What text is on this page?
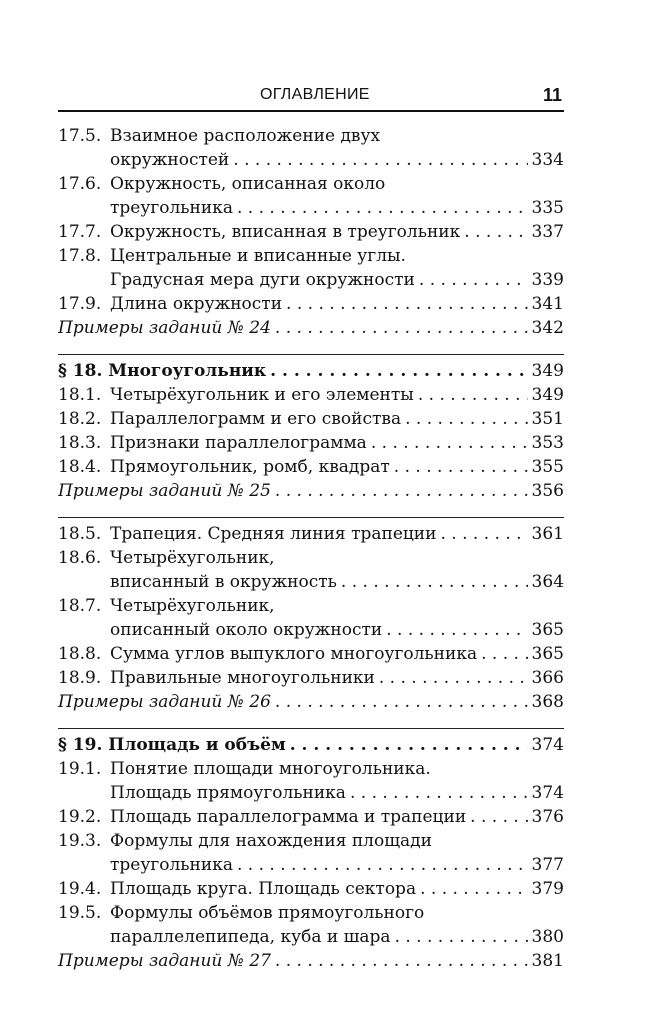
ОГЛАВЛЕНИЕ	11
17.5. Взаимное расположение двух
окружностей . . .	334
17.6. Окружность, описанная около
треугольника . . .	335
17.7. Окружность, вписанная в треугольник . . .	337
17.8. Центральные и вписанные углы.
Градусная мера дуги окружности . . .	339
17.9. Длина окружности . . .	341
Примеры заданий № 24 . . .	342
§ 18. Многоугольник . . .	349
18.1. Четырёхугольник и его элементы . . .	349
18.2. Параллелограмм и его свойства . . .	351
18.3. Признаки параллелограмма . . .	353
18.4. Прямоугольник, ромб, квадрат . . .	355
Примеры заданий № 25 . . .	356
18.5. Трапеция. Средняя линия трапеции . . .	361
18.6. Четырёхугольник,
вписанный в окружность . . .	364
18.7. Четырёхугольник,
описанный около окружности . . .	365
18.8. Сумма углов выпуклого многоугольника . . .	365
18.9. Правильные многоугольники . . .	366
Примеры заданий № 26 . . .	368
§ 19. Площадь и объём . . .	374
19.1. Понятие площади многоугольника.
Площадь прямоугольника . . .	374
19.2. Площадь параллелограмма и трапеции . . .	376
19.3. Формулы для нахождения площади
треугольника . . .	377
19.4. Площадь круга. Площадь сектора . . .	379
19.5. Формулы объёмов прямоугольного
параллелепипеда, куба и шара . . .	380
Примеры заданий № 27 . . .	381
